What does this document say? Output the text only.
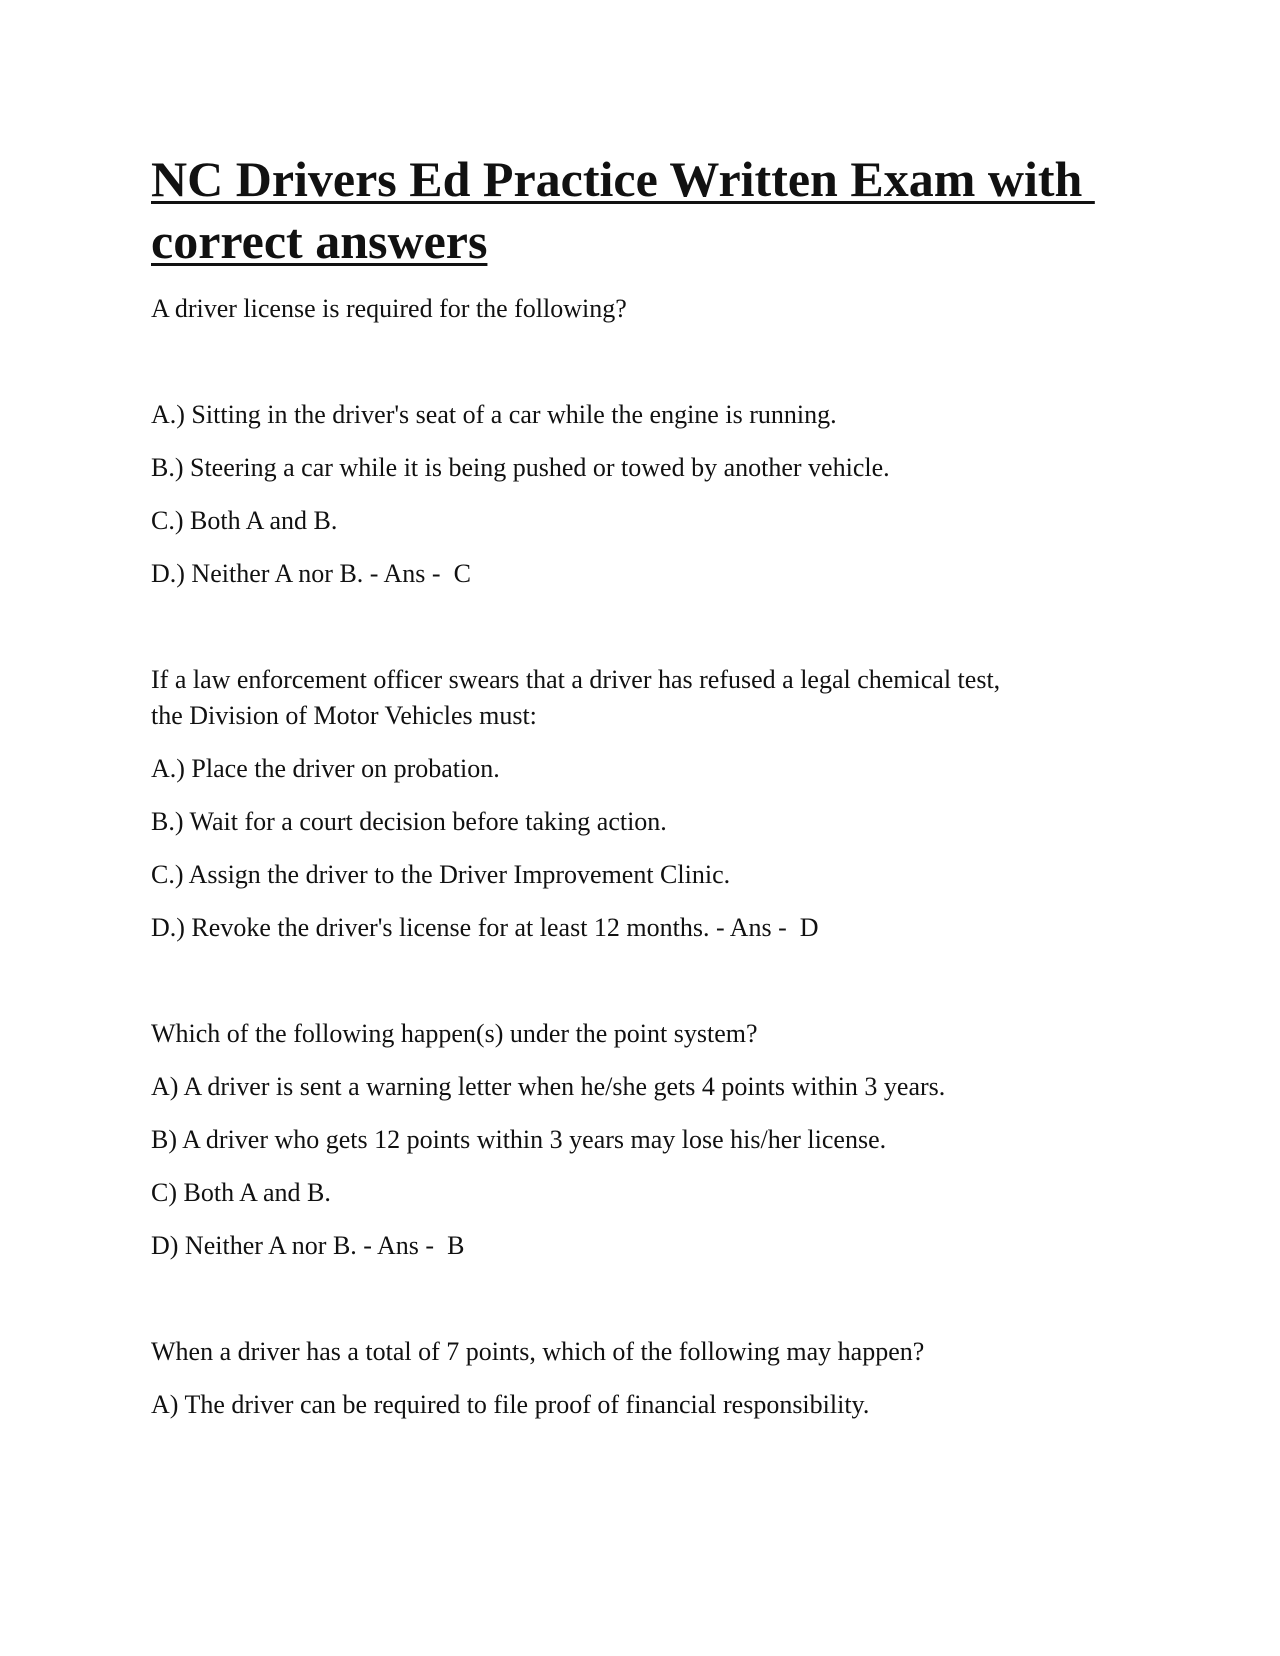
NC Drivers Ed Practice Written Exam with
correct answers

A driver license is required for the following?

A.) Sitting in the driver's seat of a car while the engine is running.

B.) Steering a car while it is being pushed or towed by another vehicle.

C.) Both A and B.

D.) Neither A nor B. - Ans -  C

If a law enforcement officer swears that a driver has refused a legal chemical test,
the Division of Motor Vehicles must:

A.) Place the driver on probation.

B.) Wait for a court decision before taking action.

C.) Assign the driver to the Driver Improvement Clinic.

D.) Revoke the driver's license for at least 12 months. - Ans -  D

Which of the following happen(s) under the point system?

A) A driver is sent a warning letter when he/she gets 4 points within 3 years.

B) A driver who gets 12 points within 3 years may lose his/her license.

C) Both A and B.

D) Neither A nor B. - Ans -  B

When a driver has a total of 7 points, which of the following may happen?

A) The driver can be required to file proof of financial responsibility.
